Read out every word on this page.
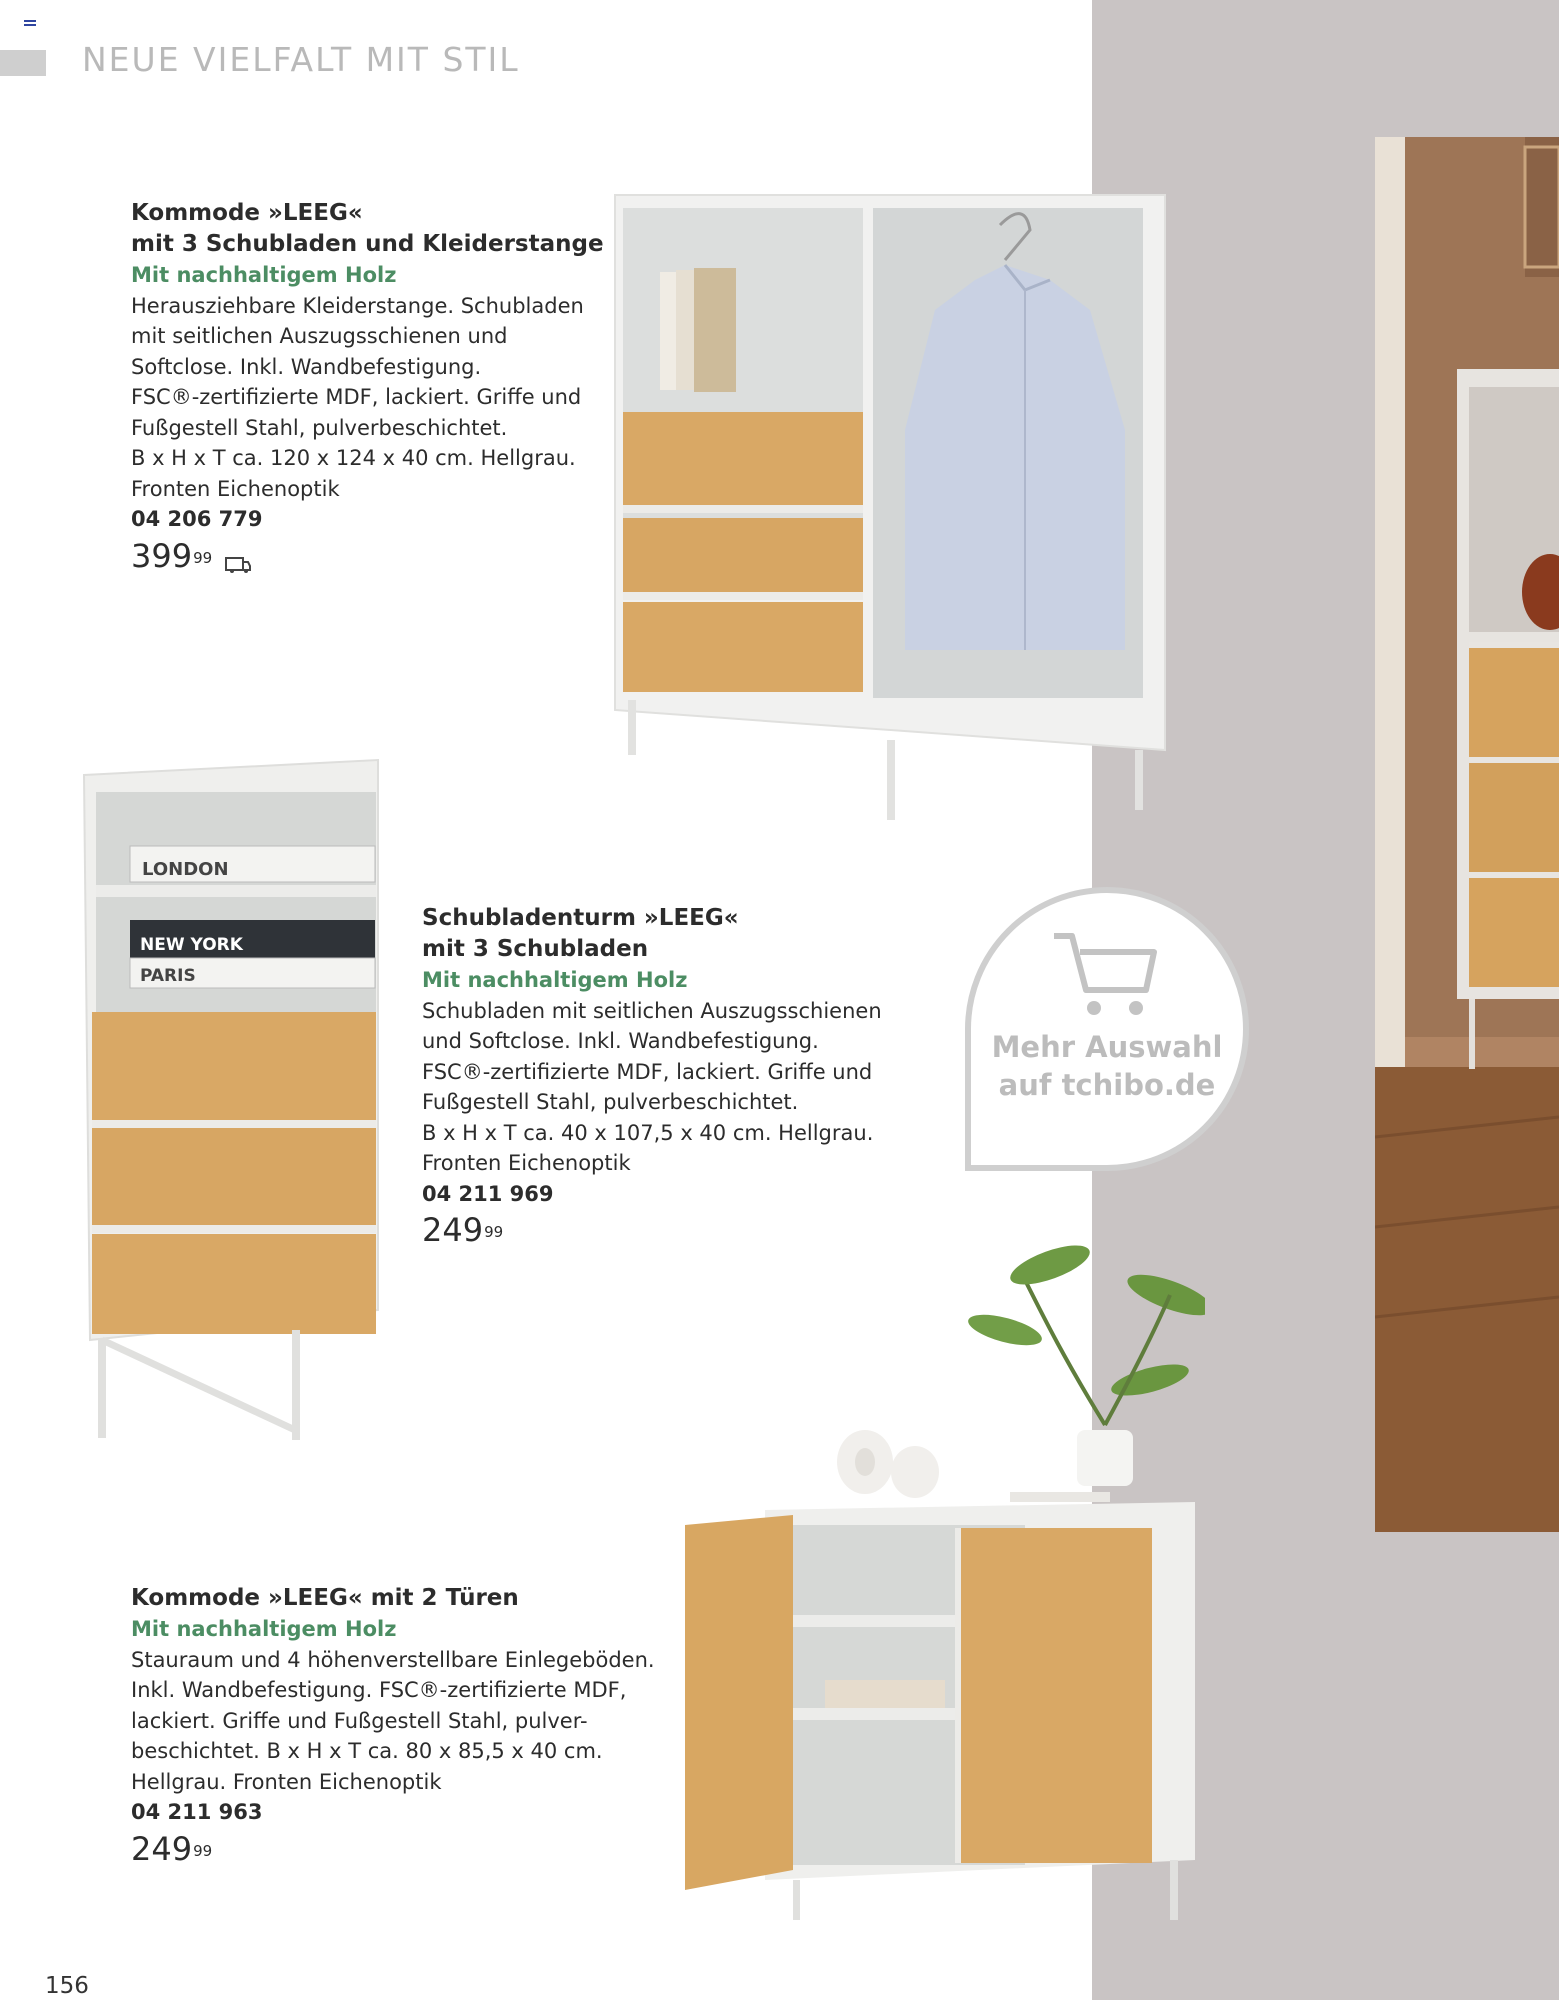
NEUE VIELFALT MIT STIL
Kommode »LEEG«
mit 3 Schubladen und Kleiderstange
Mit nachhaltigem Holz
Herausziehbare Kleiderstange. Schubladen
mit seitlichen Auszugsschienen und
Softclose. Inkl. Wandbefestigung.
FSC®-zertifizierte MDF, lackiert. Griffe und
Fußgestell Stahl, pulverbeschichtet.
B x H x T ca. 120 x 124 x 40 cm. Hellgrau.
Fronten Eichenoptik
04 206 779
399 99
LONDON
NEW YORK
PARIS
Schubladenturm »LEEG«
mit 3 Schubladen
Mit nachhaltigem Holz
Schubladen mit seitlichen Auszugsschienen
und Softclose. Inkl. Wandbefestigung.
FSC®-zertifizierte MDF, lackiert. Griffe und
Fußgestell Stahl, pulverbeschichtet.
B x H x T ca. 40 x 107,5 x 40 cm. Hellgrau.
Fronten Eichenoptik
04 211 969
249 99
Mehr Auswahl
auf tchibo.de
Kommode »LEEG« mit 2 Türen
Mit nachhaltigem Holz
Stauraum und 4 höhenverstellbare Einlegeböden.
Inkl. Wandbefestigung. FSC®-zertifizierte MDF,
lackiert. Griffe und Fußgestell Stahl, pulver-
beschichtet. B x H x T ca. 80 x 85,5 x 40 cm.
Hellgrau. Fronten Eichenoptik
04 211 963
249 99
156
